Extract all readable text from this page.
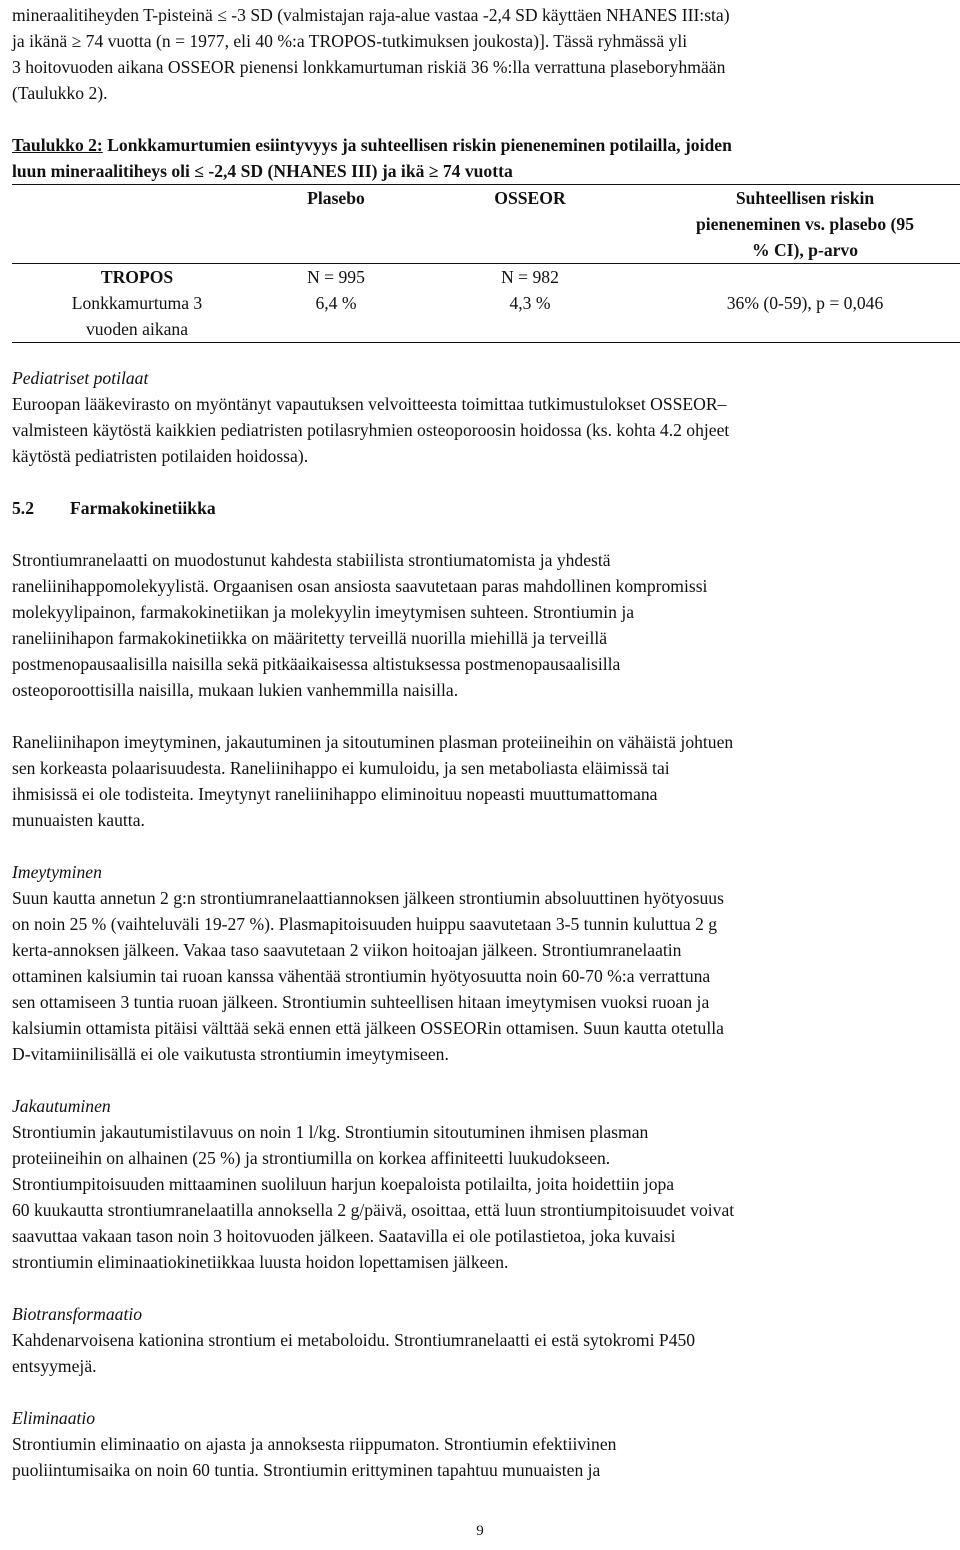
mineraalitiheyden T-pisteinä ≤ -3 SD (valmistajan raja-alue vastaa -2,4 SD käyttäen NHANES III:sta)

ja ikänä ≥ 74 vuotta (n = 1977, eli 40 %:a TROPOS-tutkimuksen joukosta)]. Tässä ryhmässä yli

3 hoitovuoden aikana OSSEOR pienensi lonkkamurtuman riskiä 36 %:lla verrattuna plaseboryhmään

(Taulukko 2).

Taulukko 2: Lonkkamurtumien esiintyvyys ja suhteellisen riskin pieneneminen potilailla, joiden

luun mineraalitiheys oli ≤ -2,4 SD (NHANES III) ja ikä ≥ 74 vuotta

	Plasebo	OSSEOR	Suhteellisen riskin
pieneneminen vs. plasebo (95
% CI), p-arvo

TROPOS	N = 995	N = 982	

Lonkkamurtuma 3
vuoden aikana	6,4 %	4,3 %	36% (0-59), p = 0,046

Pediatriset potilaat

Euroopan lääkevirasto on myöntänyt vapautuksen velvoitteesta toimittaa tutkimustulokset OSSEOR–

valmisteen käytöstä kaikkien pediatristen potilasryhmien osteoporoosin hoidossa (ks. kohta 4.2 ohjeet

käytöstä pediatristen potilaiden hoidossa).

5.2 Farmakokinetiikka

Strontiumranelaatti on muodostunut kahdesta stabiilista strontiumatomista ja yhdestä

raneliinihappomolekyylistä. Orgaanisen osan ansiosta saavutetaan paras mahdollinen kompromissi

molekyylipainon, farmakokinetiikan ja molekyylin imeytymisen suhteen. Strontiumin ja

raneliinihapon farmakokinetiikka on määritetty terveillä nuorilla miehillä ja terveillä

postmenopausaalisilla naisilla sekä pitkäaikaisessa altistuksessa postmenopausaalisilla

osteoporoottisilla naisilla, mukaan lukien vanhemmilla naisilla.

Raneliinihapon imeytyminen, jakautuminen ja sitoutuminen plasman proteiineihin on vähäistä johtuen

sen korkeasta polaarisuudesta. Raneliinihappo ei kumuloidu, ja sen metaboliasta eläimissä tai

ihmisissä ei ole todisteita. Imeytynyt raneliinihappo eliminoituu nopeasti muuttumattomana

munuaisten kautta.

Imeytyminen

Suun kautta annetun 2 g:n strontiumranelaattiannoksen jälkeen strontiumin absoluuttinen hyötyosuus

on noin 25 % (vaihteluväli 19-27 %). Plasmapitoisuuden huippu saavutetaan 3-5 tunnin kuluttua 2 g

kerta-annoksen jälkeen. Vakaa taso saavutetaan 2 viikon hoitoajan jälkeen. Strontiumranelaatin

ottaminen kalsiumin tai ruoan kanssa vähentää strontiumin hyötyosuutta noin 60-70 %:a verrattuna

sen ottamiseen 3 tuntia ruoan jälkeen. Strontiumin suhteellisen hitaan imeytymisen vuoksi ruoan ja

kalsiumin ottamista pitäisi välttää sekä ennen että jälkeen OSSEORin ottamisen. Suun kautta otetulla

D-vitamiinilisällä ei ole vaikutusta strontiumin imeytymiseen.

Jakautuminen

Strontiumin jakautumistilavuus on noin 1 l/kg. Strontiumin sitoutuminen ihmisen plasman

proteiineihin on alhainen (25 %) ja strontiumilla on korkea affiniteetti luukudokseen.

Strontiumpitoisuuden mittaaminen suoliluun harjun koepaloista potilailta, joita hoidettiin jopa

60 kuukautta strontiumranelaatilla annoksella 2 g/päivä, osoittaa, että luun strontiumpitoisuudet voivat

saavuttaa vakaan tason noin 3 hoitovuoden jälkeen. Saatavilla ei ole potilastietoa, joka kuvaisi

strontiumin eliminaatiokinetiikkaa luusta hoidon lopettamisen jälkeen.

Biotransformaatio

Kahdenarvoisena kationina strontium ei metaboloidu. Strontiumranelaatti ei estä sytokromi P450

entsyymejä.

Eliminaatio

Strontiumin eliminaatio on ajasta ja annoksesta riippumaton. Strontiumin efektiivinen

puoliintumisaika on noin 60 tuntia. Strontiumin erittyminen tapahtuu munuaisten ja

9
